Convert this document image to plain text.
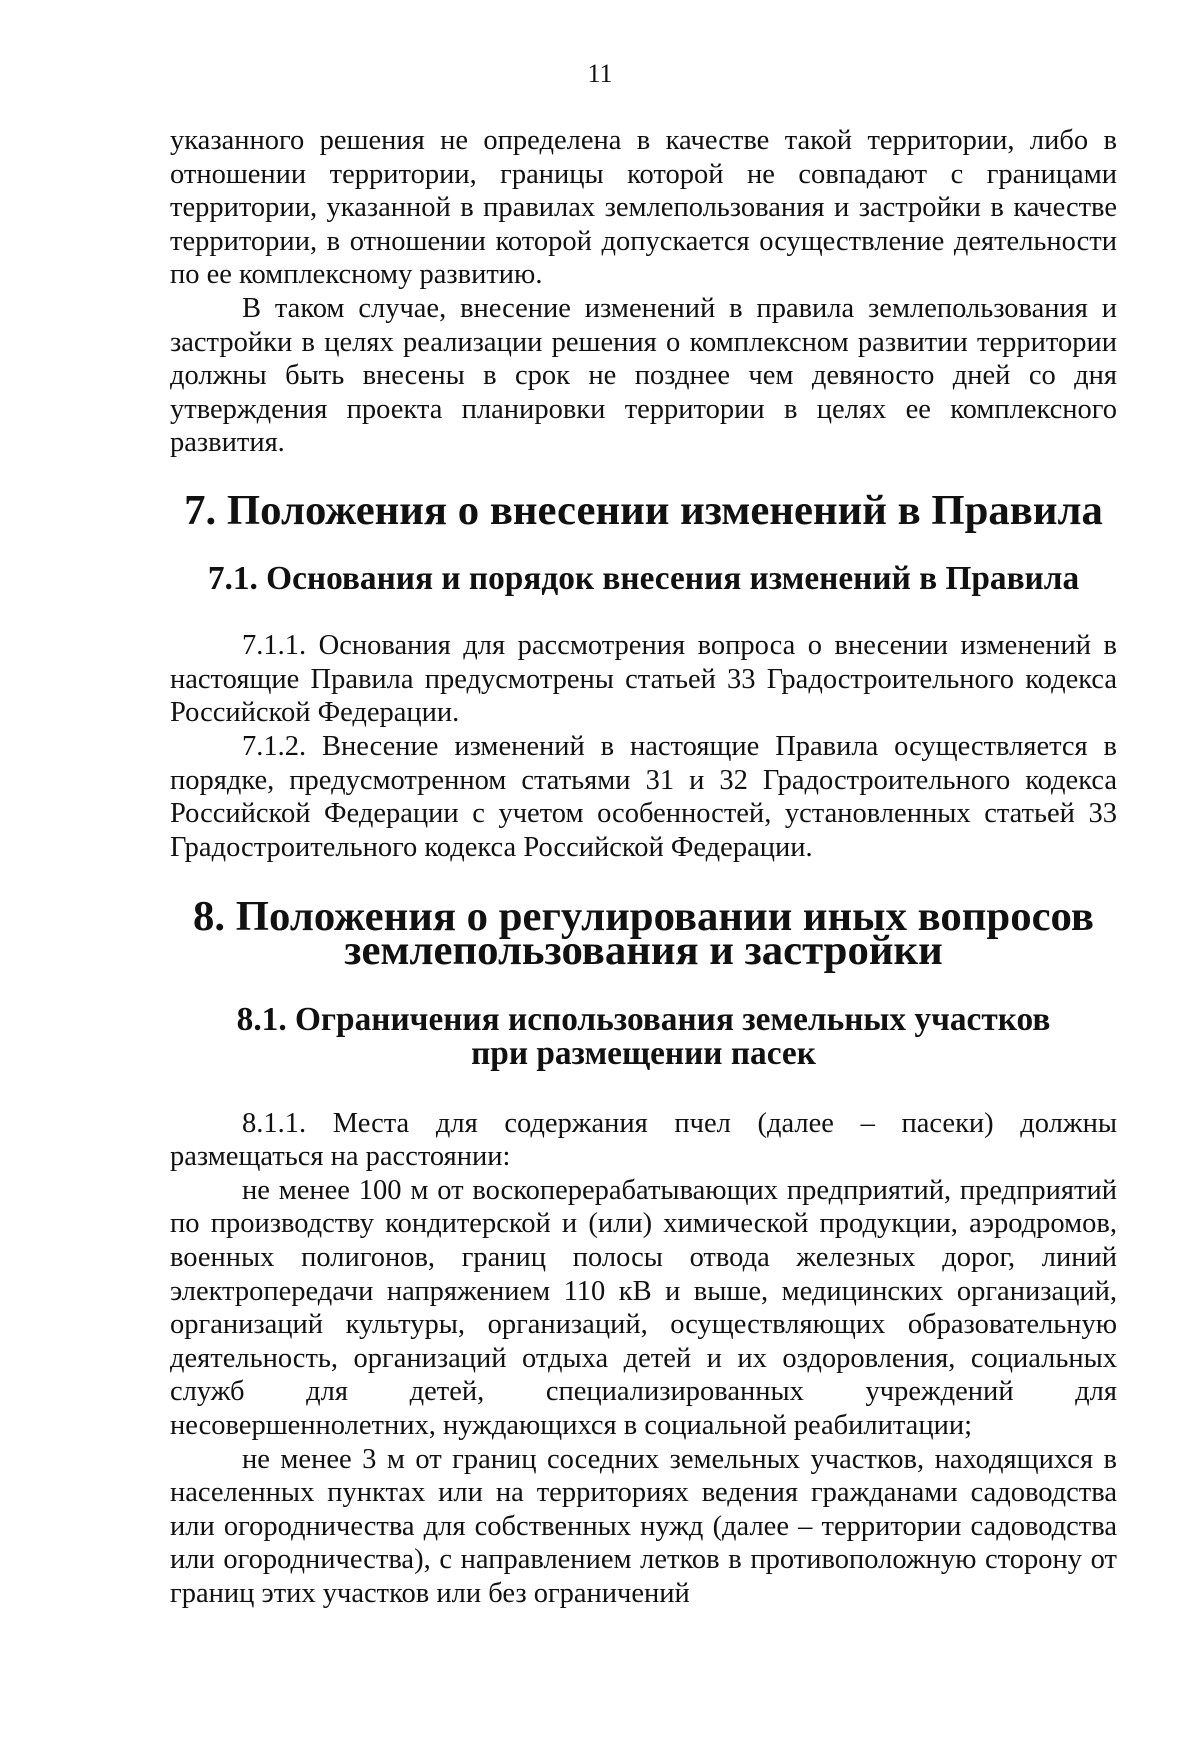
11

указанного решения не определена в качестве такой территории, либо в отношении территории, границы которой не совпадают с границами территории, указанной в правилах землепользования и застройки в качестве территории, в отношении которой допускается осуществление деятельности по ее комплексному развитию.

В таком случае, внесение изменений в правила землепользования и застройки в целях реализации решения о комплексном развитии территории должны быть внесены в срок не позднее чем девяносто дней со дня утверждения проекта планировки территории в целях ее комплексного развития.

7. Положения о внесении изменений в Правила
7.1. Основания и порядок внесения изменений в Правила

7.1.1. Основания для рассмотрения вопроса о внесении изменений в настоящие Правила предусмотрены статьей 33 Градостроительного кодекса Российской Федерации.

7.1.2. Внесение изменений в настоящие Правила осуществляется в порядке, предусмотренном статьями 31 и 32 Градостроительного кодекса Российской Федерации с учетом особенностей, установленных статьей 33 Градостроительного кодекса Российской Федерации.

8. Положения о регулировании иных вопросов
землепользования и застройки
8.1. Ограничения использования земельных участков
при размещении пасек

8.1.1. Места для содержания пчел (далее – пасеки) должны размещаться на расстоянии:

не менее 100 м от воскоперерабатывающих предприятий, предприятий по производству кондитерской и (или) химической продукции, аэродромов, военных полигонов, границ полосы отвода железных дорог, линий электропередачи напряжением 110 кВ и выше, медицинских организаций, организаций культуры, организаций, осуществляющих образовательную деятельность, организаций отдыха детей и их оздоровления, социальных служб для детей, специализированных учреждений для несовершеннолетних, нуждающихся в социальной реабилитации;

не менее 3 м от границ соседних земельных участков, находящихся в населенных пунктах или на территориях ведения гражданами садоводства или огородничества для собственных нужд (далее – территории садоводства или огородничества), с направлением летков в противоположную сторону от границ этих участков или без ограничений
